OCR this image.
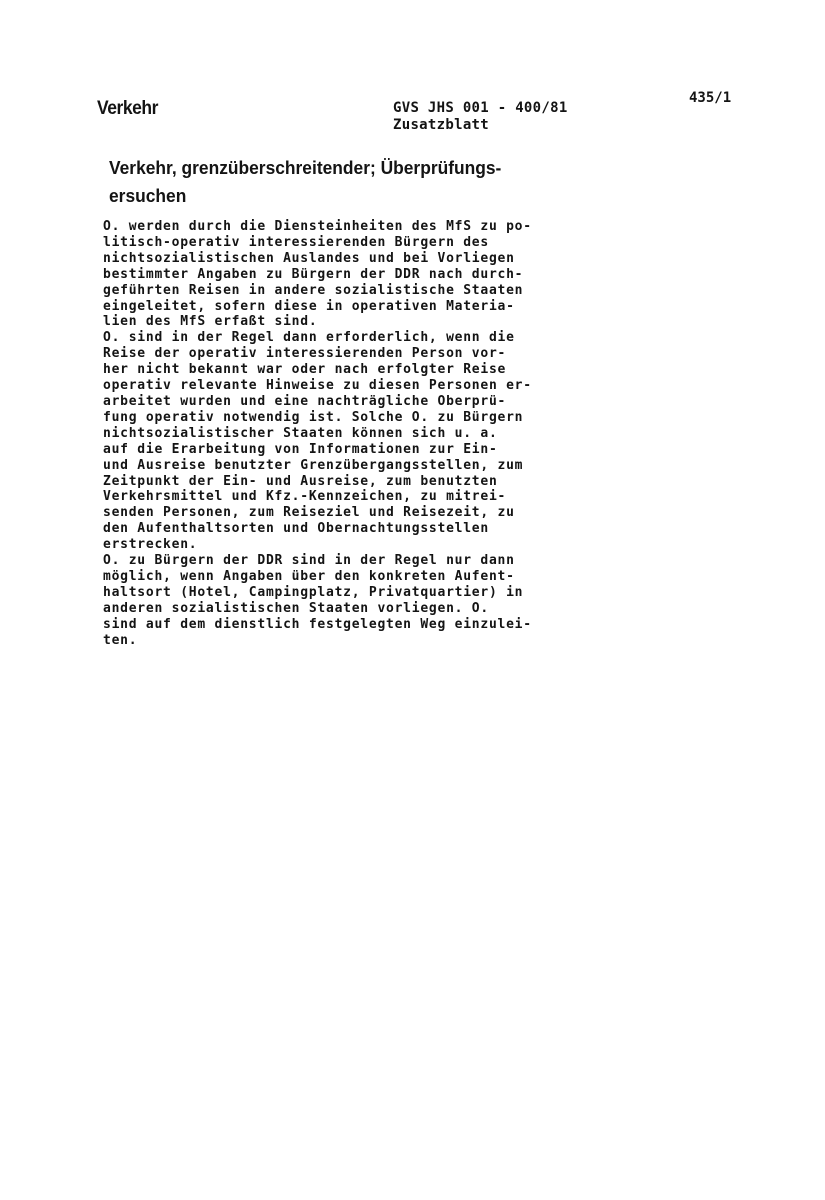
Verkehr	GVS JHS 001 - 400/81
Zusatzblatt
435/1
Verkehr, grenzüberschreitender; Überprüfungs-
ersuchen
O. werden durch die Diensteinheiten des MfS zu po-
litisch-operativ interessierenden Bürgern des
nichtsozialistischen Auslandes und bei Vorliegen
bestimmter Angaben zu Bürgern der DDR nach durch-
geführten Reisen in andere sozialistische Staaten
eingeleitet, sofern diese in operativen Materia-
lien des MfS erfaßt sind.
O. sind in der Regel dann erforderlich, wenn die
Reise der operativ interessierenden Person vor-
her nicht bekannt war oder nach erfolgter Reise
operativ relevante Hinweise zu diesen Personen er-
arbeitet wurden und eine nachträgliche Oberprü-
fung operativ notwendig ist. Solche O. zu Bürgern
nichtsozialistischer Staaten können sich u. a.
auf die Erarbeitung von Informationen zur Ein-
und Ausreise benutzter Grenzübergangsstellen, zum
Zeitpunkt der Ein- und Ausreise, zum benutzten
Verkehrsmittel und Kfz.-Kennzeichen, zu mitrei-
senden Personen, zum Reiseziel und Reisezeit, zu
den Aufenthaltsorten und Obernachtungsstellen
erstrecken.
O. zu Bürgern der DDR sind in der Regel nur dann
möglich, wenn Angaben über den konkreten Aufent-
haltsort (Hotel, Campingplatz, Privatquartier) in
anderen sozialistischen Staaten vorliegen. O.
sind auf dem dienstlich festgelegten Weg einzulei-
ten.
